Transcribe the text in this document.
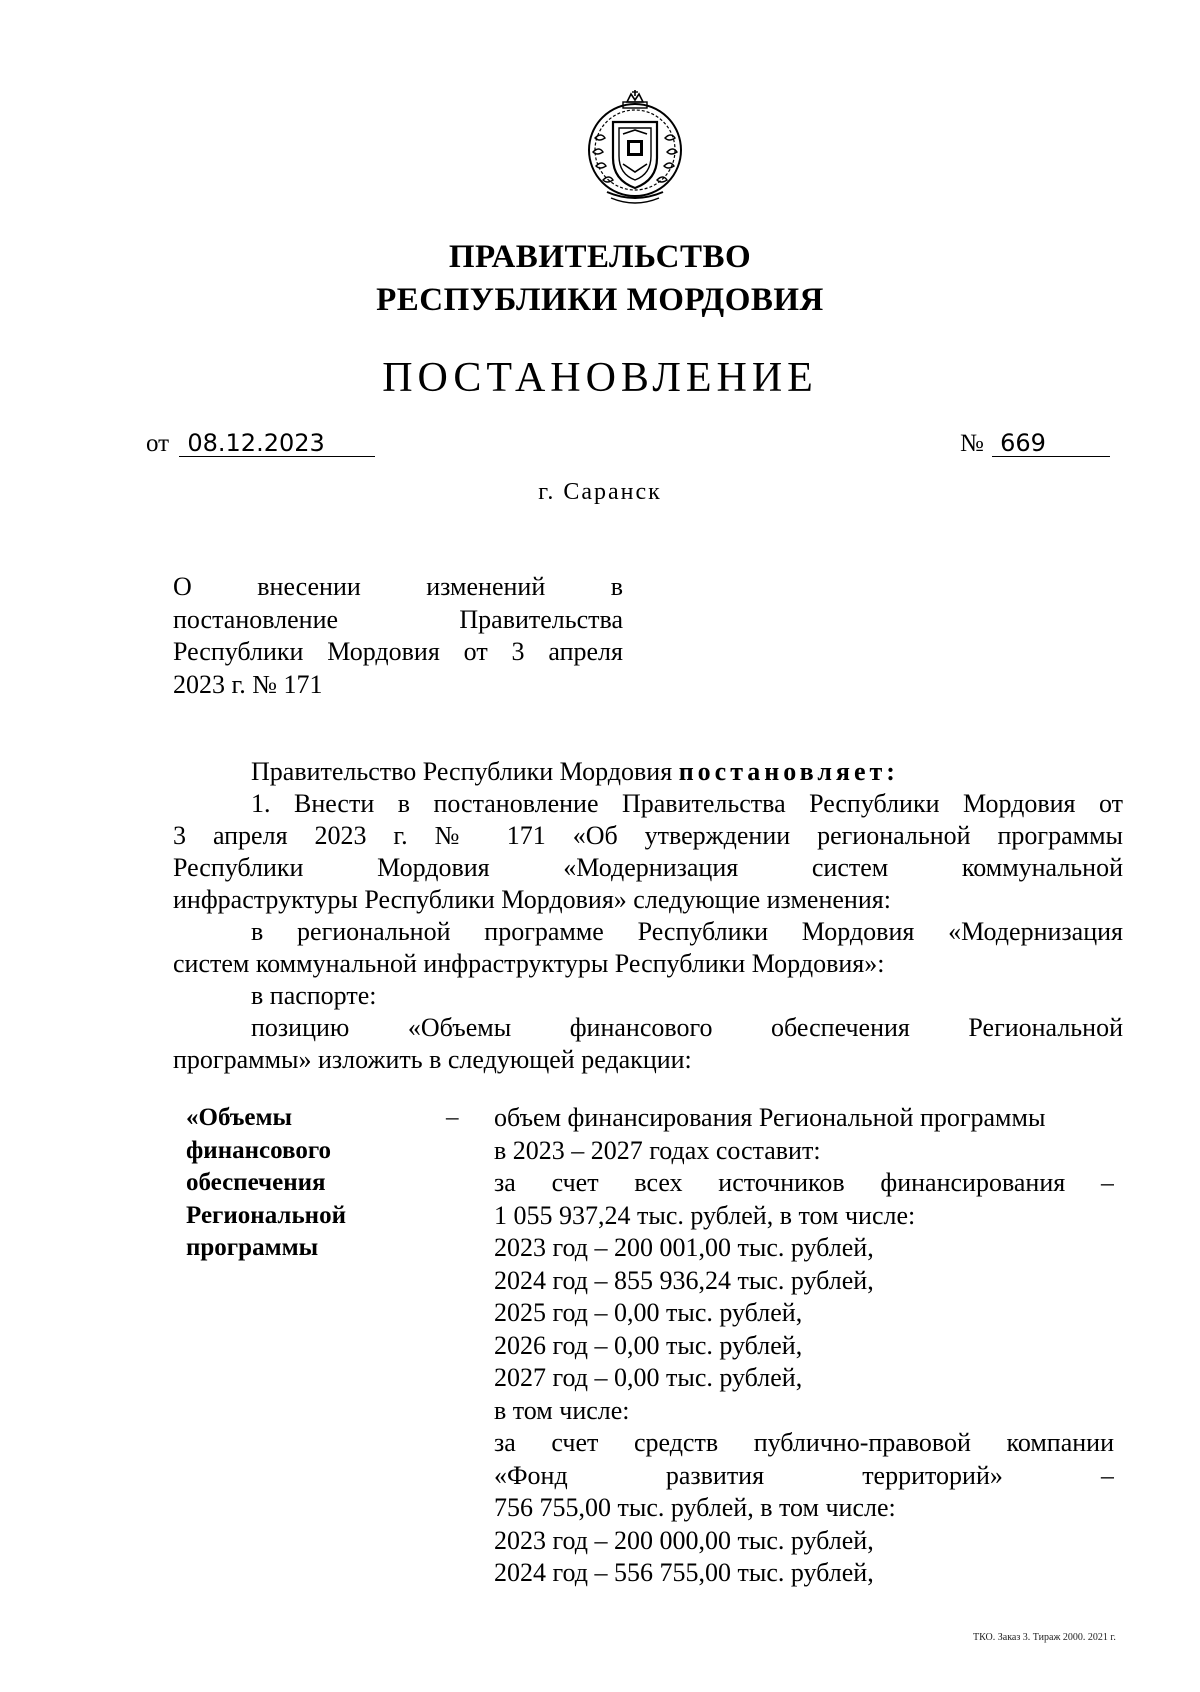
ПРАВИТЕЛЬСТВО
РЕСПУБЛИКИ МОРДОВИЯ
ПОСТАНОВЛЕНИЕ
от 08.12.2023	№ 669
г. Саранск
О внесении изменений в
постановление Правительства
Республики Мордовия от 3 апреля
2023 г. № 171
Правительство Республики Мордовия постановляет:
1. Внести в постановление Правительства Республики Мордовия от
3 апреля 2023 г. № 171 «Об утверждении региональной программы
Республики Мордовия «Модернизация систем коммунальной
инфраструктуры Республики Мордовия» следующие изменения:
в региональной программе Республики Мордовия «Модернизация
систем коммунальной инфраструктуры Республики Мордовия»:
в паспорте:
позицию «Объемы финансового обеспечения Региональной
программы» изложить в следующей редакции:
«Объемы
финансового
обеспечения
Региональной
программы
– объем финансирования Региональной программы
в 2023 – 2027 годах составит:
за счет всех источников финансирования –
1 055 937,24 тыс. рублей, в том числе:
2023 год – 200 001,00 тыс. рублей,
2024 год – 855 936,24 тыс. рублей,
2025 год – 0,00 тыс. рублей,
2026 год – 0,00 тыс. рублей,
2027 год – 0,00 тыс. рублей,
в том числе:
за счет средств публично-правовой компании
«Фонд развития территорий» –
756 755,00 тыс. рублей, в том числе:
2023 год – 200 000,00 тыс. рублей,
2024 год – 556 755,00 тыс. рублей,
ТКО. Заказ 3. Тираж 2000. 2021 г.
